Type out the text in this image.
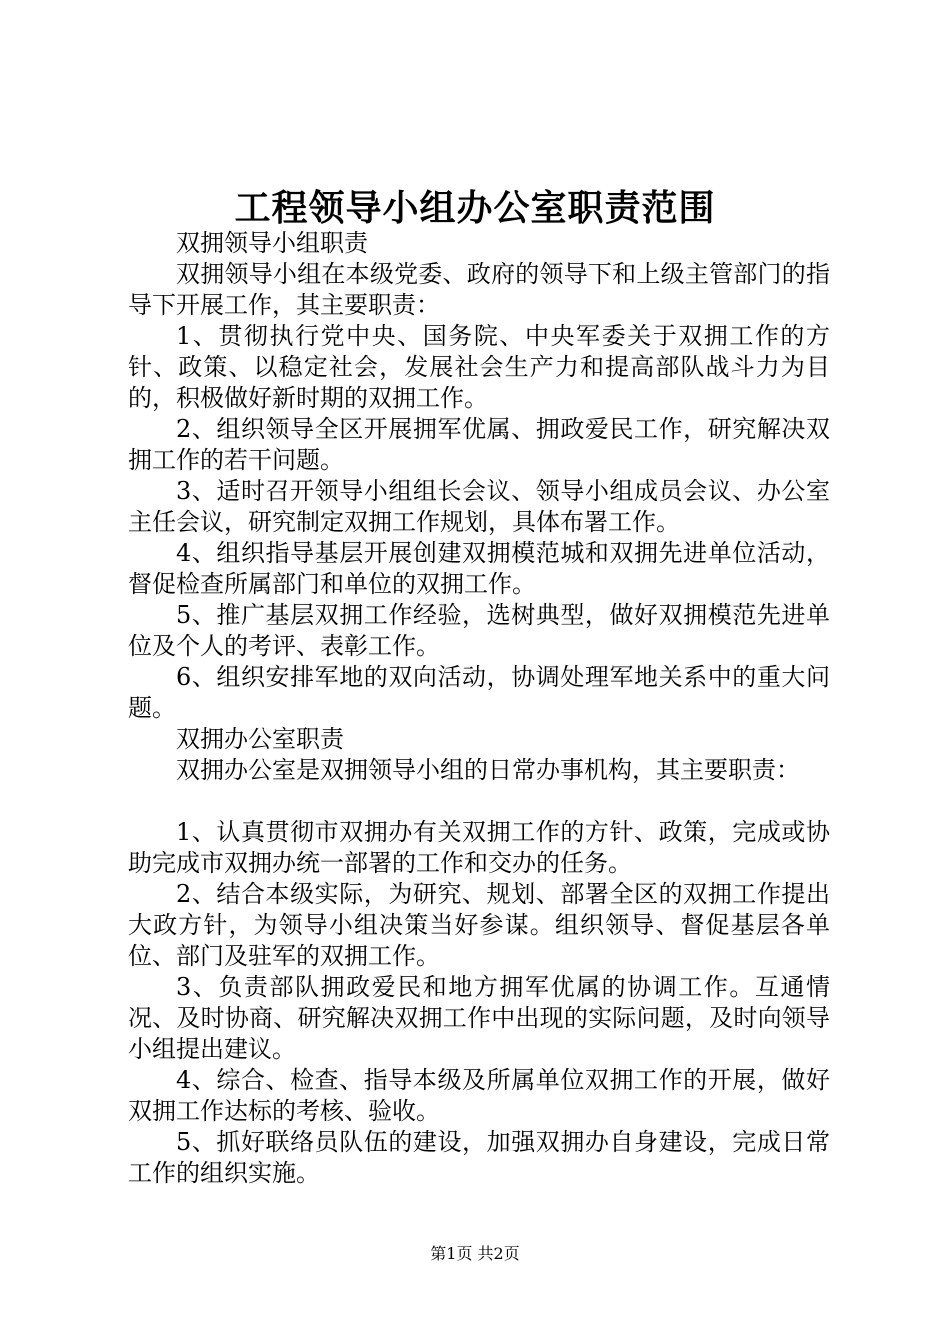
工程领导小组办公室职责范围

双拥领导小组职责

双拥领导小组在本级党委、政府的领导下和上级主管部门的指导下开展工作，其主要职责：

1、贯彻执行党中央、国务院、中央军委关于双拥工作的方针、政策、以稳定社会，发展社会生产力和提高部队战斗力为目的，积极做好新时期的双拥工作。

2、组织领导全区开展拥军优属、拥政爱民工作，研究解决双拥工作的若干问题。

3、适时召开领导小组组长会议、领导小组成员会议、办公室主任会议，研究制定双拥工作规划，具体布署工作。

4、组织指导基层开展创建双拥模范城和双拥先进单位活动，督促检查所属部门和单位的双拥工作。

5、推广基层双拥工作经验，选树典型，做好双拥模范先进单位及个人的考评、表彰工作。

6、组织安排军地的双向活动，协调处理军地关系中的重大问题。

双拥办公室职责

双拥办公室是双拥领导小组的日常办事机构，其主要职责：

1、认真贯彻市双拥办有关双拥工作的方针、政策，完成或协助完成市双拥办统一部署的工作和交办的任务。

2、结合本级实际，为研究、规划、部署全区的双拥工作提出大政方针，为领导小组决策当好参谋。组织领导、督促基层各单位、部门及驻军的双拥工作。

3、负责部队拥政爱民和地方拥军优属的协调工作。互通情况、及时协商、研究解决双拥工作中出现的实际问题，及时向领导小组提出建议。

4、综合、检查、指导本级及所属单位双拥工作的开展，做好双拥工作达标的考核、验收。

5、抓好联络员队伍的建设，加强双拥办自身建设，完成日常工作的组织实施。

第1页 共2页
